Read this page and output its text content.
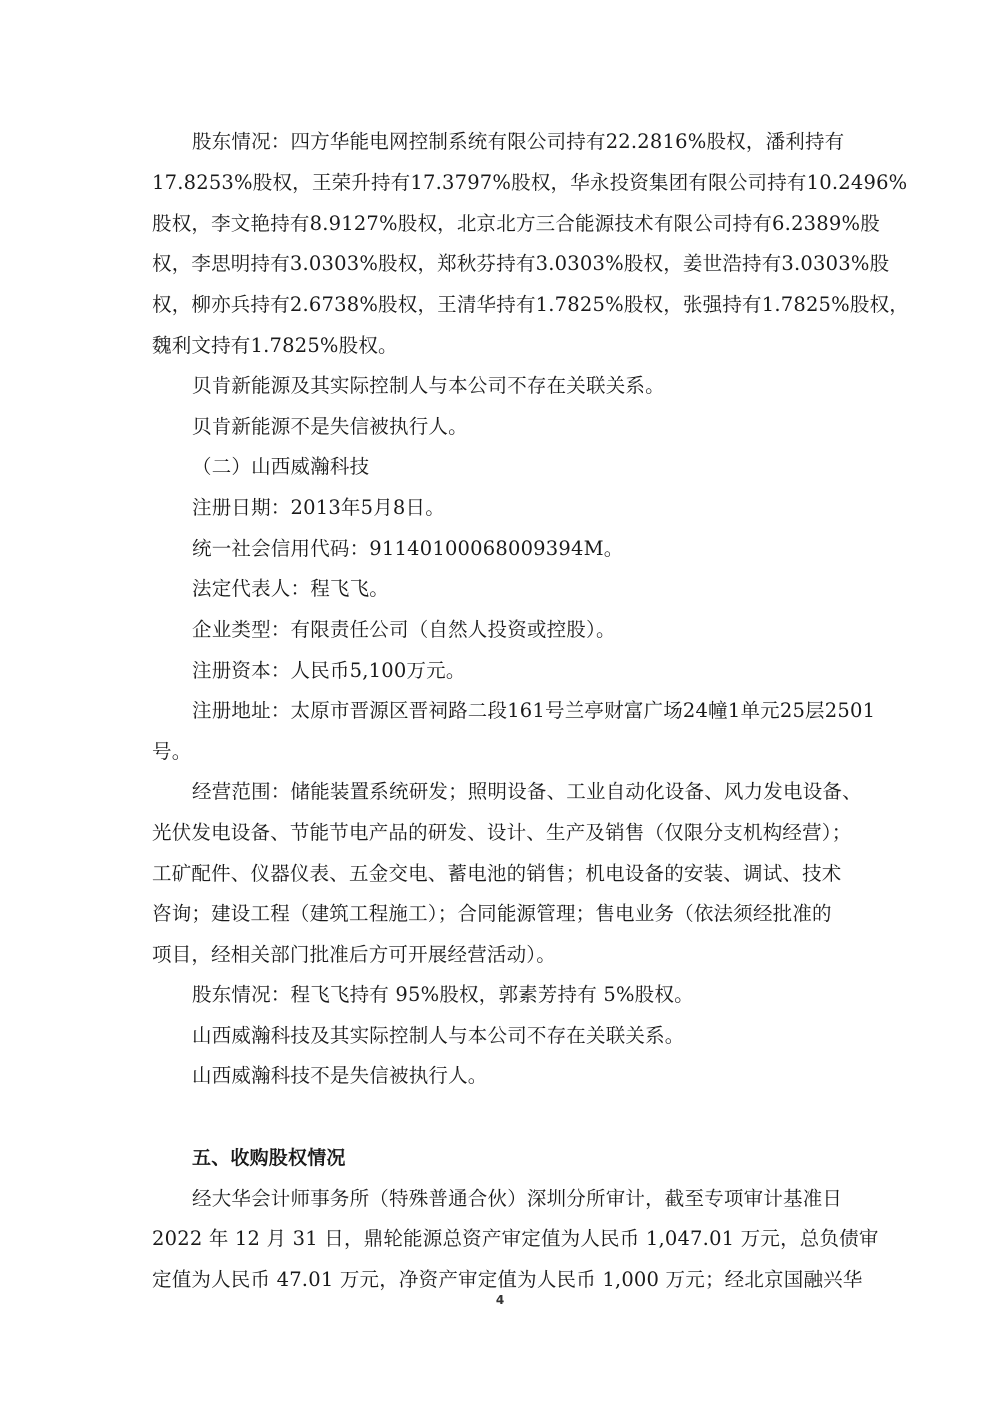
股东情况：四方华能电网控制系统有限公司持有22.2816%股权，潘利持有
17.8253%股权，王荣升持有17.3797%股权，华永投资集团有限公司持有10.2496%
股权，李文艳持有8.9127%股权，北京北方三合能源技术有限公司持有6.2389%股
权，李思明持有3.0303%股权，郑秋芬持有3.0303%股权，姜世浩持有3.0303%股
权，柳亦兵持有2.6738%股权，王清华持有1.7825%股权，张强持有1.7825%股权，
魏利文持有1.7825%股权。
贝肯新能源及其实际控制人与本公司不存在关联关系。
贝肯新能源不是失信被执行人。
（二）山西威瀚科技
注册日期：2013年5月8日。
统一社会信用代码：91140100068009394M。
法定代表人：程飞飞。
企业类型：有限责任公司（自然人投资或控股）。
注册资本：人民币5,100万元。
注册地址：太原市晋源区晋祠路二段161号兰亭财富广场24幢1单元25层2501
号。
经营范围：储能装置系统研发；照明设备、工业自动化设备、风力发电设备、
光伏发电设备、节能节电产品的研发、设计、生产及销售（仅限分支机构经营）；
工矿配件、仪器仪表、五金交电、蓄电池的销售；机电设备的安装、调试、技术
咨询；建设工程（建筑工程施工）；合同能源管理；售电业务（依法须经批准的
项目，经相关部门批准后方可开展经营活动）。
股东情况：程飞飞持有 95%股权，郭素芳持有 5%股权。
山西威瀚科技及其实际控制人与本公司不存在关联关系。
山西威瀚科技不是失信被执行人。
五、收购股权情况
经大华会计师事务所（特殊普通合伙）深圳分所审计，截至专项审计基准日
2022 年 12 月 31 日，鼎轮能源总资产审定值为人民币 1,047.01 万元，总负债审
定值为人民币 47.01 万元，净资产审定值为人民币 1,000 万元；经北京国融兴华
4
